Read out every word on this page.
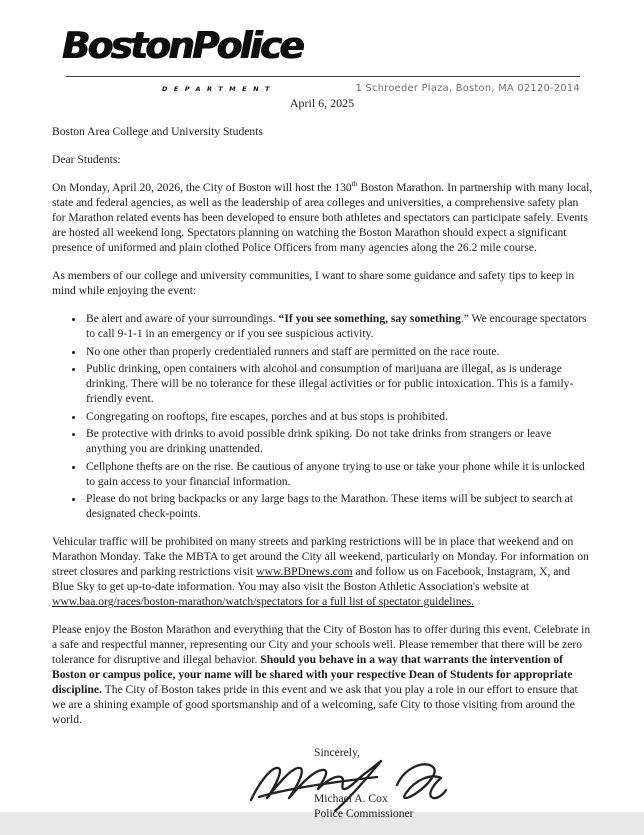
BostonPolice
DEPARTMENT	1 Schroeder Plaza, Boston, MA 02120-2014
April 6, 2025

Boston Area College and University Students

Dear Students:

On Monday, April 20, 2026, the City of Boston will host the 130th Boston Marathon. In partnership with many local, state and federal agencies, as well as the leadership of area colleges and universities, a comprehensive safety plan for Marathon related events has been developed to ensure both athletes and spectators can participate safely. Events are hosted all weekend long. Spectators planning on watching the Boston Marathon should expect a significant presence of uniformed and plain clothed Police Officers from many agencies along the 26.2 mile course.

As members of our college and university communities, I want to share some guidance and safety tips to keep in mind while enjoying the event:

• Be alert and aware of your surroundings. “If you see something, say something.” We encourage spectators to call 9-1-1 in an emergency or if you see suspicious activity.
• No one other than properly credentialed runners and staff are permitted on the race route.
• Public drinking, open containers with alcohol and consumption of marijuana are illegal, as is underage drinking. There will be no tolerance for these illegal activities or for public intoxication. This is a family-friendly event.
• Congregating on rooftops, fire escapes, porches and at bus stops is prohibited.
• Be protective with drinks to avoid possible drink spiking. Do not take drinks from strangers or leave anything you are drinking unattended.
• Cellphone thefts are on the rise. Be cautious of anyone trying to use or take your phone while it is unlocked to gain access to your financial information.
• Please do not bring backpacks or any large bags to the Marathon. These items will be subject to search at designated check-points.

Vehicular traffic will be prohibited on many streets and parking restrictions will be in place that weekend and on Marathon Monday. Take the MBTA to get around the City all weekend, particularly on Monday. For information on street closures and parking restrictions visit www.BPDnews.com and follow us on Facebook, Instagram, X, and Blue Sky to get up-to-date information. You may also visit the Boston Athletic Association's website at www.baa.org/races/boston-marathon/watch/spectators for a full list of spectator guidelines.

Please enjoy the Boston Marathon and everything that the City of Boston has to offer during this event. Celebrate in a safe and respectful manner, representing our City and your schools well. Please remember that there will be zero tolerance for disruptive and illegal behavior. Should you behave in a way that warrants the intervention of Boston or campus police, your name will be shared with your respective Dean of Students for appropriate discipline. The City of Boston takes pride in this event and we ask that you play a role in our effort to ensure that we are a shining example of good sportsmanship and of a welcoming, safe City to those visiting from around the world.

Sincerely,
Michael A. Cox
Police Commissioner
